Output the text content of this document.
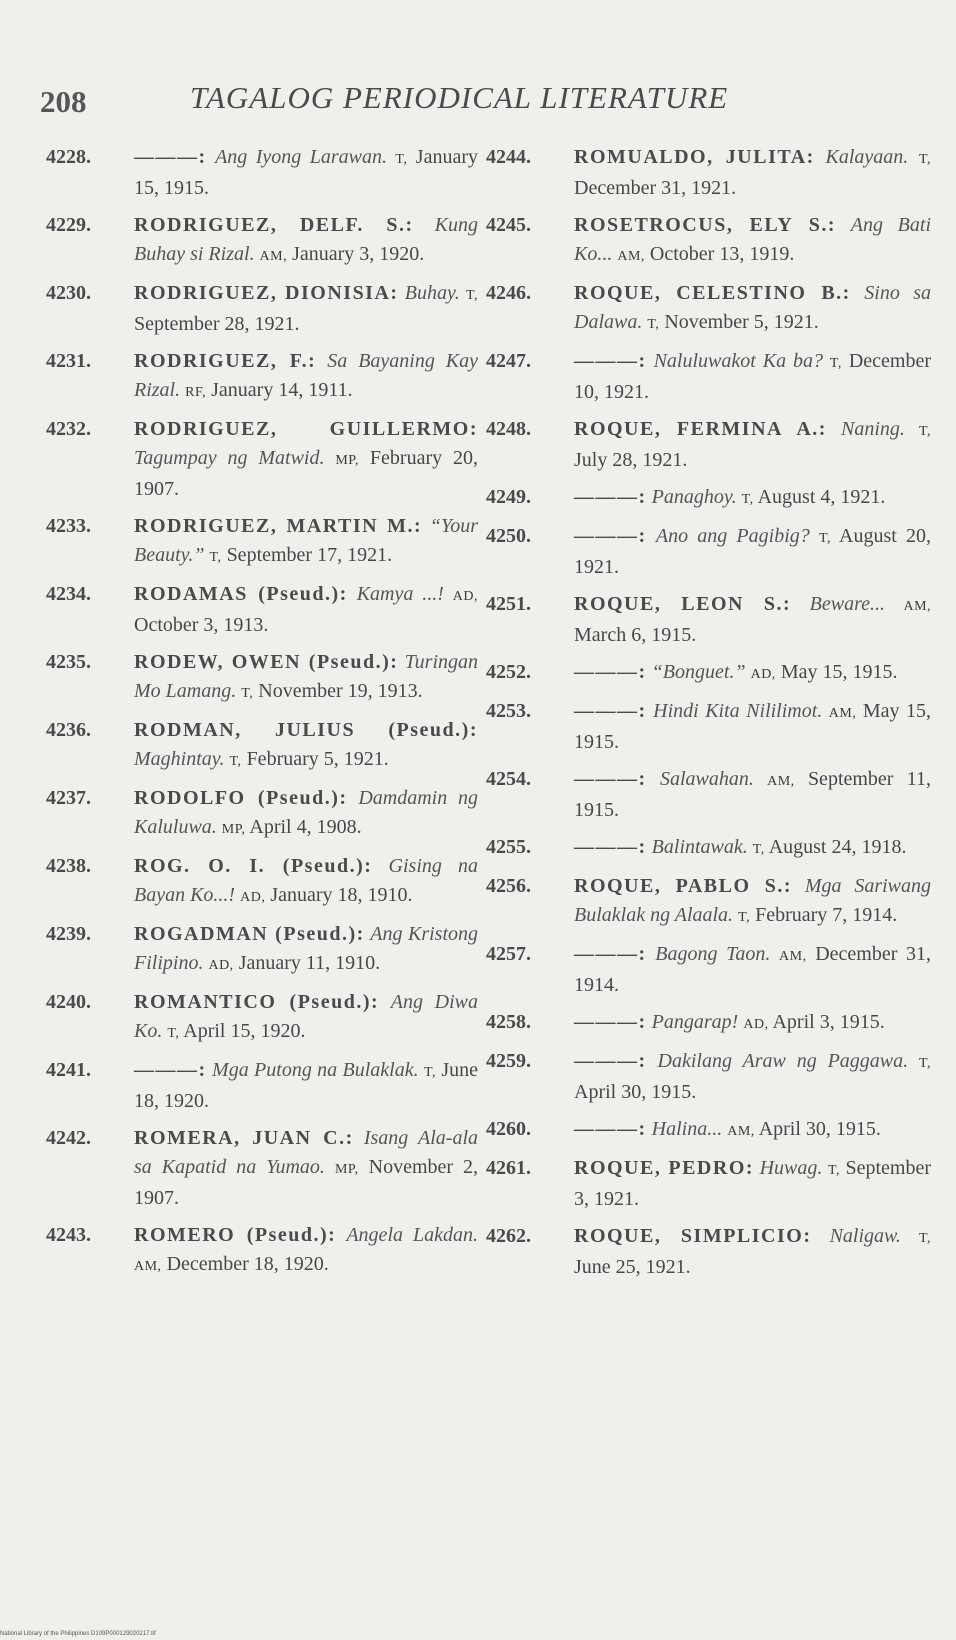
208	TAGALOG PERIODICAL LITERATURE
4228. ———: Ang Iyong Larawan. T, January 15, 1915.
4229. RODRIGUEZ, DELF. S.: Kung Buhay si Rizal. AM, January 3, 1920.
4230. RODRIGUEZ, DIONISIA: Buhay. T, September 28, 1921.
4231. RODRIGUEZ, F.: Sa Bayaning Kay Rizal. RF, January 14, 1911.
4232. RODRIGUEZ, GUILLERMO: Tagumpay ng Matwid. MP, February 20, 1907.
4233. RODRIGUEZ, MARTIN M.: “Your Beauty.” T, September 17, 1921.
4234. RODAMAS (Pseud.): Kamya ...! AD, October 3, 1913.
4235. RODEW, OWEN (Pseud.): Turingan Mo Lamang. T, November 19, 1913.
4236. RODMAN, JULIUS (Pseud.): Maghintay. T, February 5, 1921.
4237. RODOLFO (Pseud.): Damdamin ng Kaluluwa. MP, April 4, 1908.
4238. ROG. O. I. (Pseud.): Gising na Bayan Ko...! AD, January 18, 1910.
4239. ROGADMAN (Pseud.): Ang Kristong Filipino. AD, January 11, 1910.
4240. ROMANTICO (Pseud.): Ang Diwa Ko. T, April 15, 1920.
4241. ———: Mga Putong na Bulaklak. T, June 18, 1920.
4242. ROMERA, JUAN C.: Isang Ala-ala sa Kapatid na Yumao. MP, November 2, 1907.
4243. ROMERO (Pseud.): Angela Lakdan. AM, December 18, 1920.
4244. ROMUALDO, JULITA: Kalayaan. T, December 31, 1921.
4245. ROSETROCUS, ELY S.: Ang Bati Ko... AM, October 13, 1919.
4246. ROQUE, CELESTINO B.: Sino sa Dalawa. T, November 5, 1921.
4247. ———: Naluluwakot Ka ba? T, December 10, 1921.
4248. ROQUE, FERMINA A.: Naning. T, July 28, 1921.
4249. ———: Panaghoy. T, August 4, 1921.
4250. ———: Ano ang Pagibig? T, August 20, 1921.
4251. ROQUE, LEON S.: Beware... AM, March 6, 1915.
4252. ———: “Bonguet.” AD, May 15, 1915.
4253. ———: Hindi Kita Nililimot. AM, May 15, 1915.
4254. ———: Salawahan. AM, September 11, 1915.
4255. ———: Balintawak. T, August 24, 1918.
4256. ROQUE, PABLO S.: Mga Sariwang Bulaklak ng Alaala. T, February 7, 1914.
4257. ———: Bagong Taon. AM, December 31, 1914.
4258. ———: Pangarap! AD, April 3, 1915.
4259. ———: Dakilang Araw ng Paggawa. T, April 30, 1915.
4260. ———: Halina... AM, April 30, 1915.
4261. ROQUE, PEDRO: Huwag. T, September 3, 1921.
4262. ROQUE, SIMPLICIO: Naligaw. T, June 25, 1921.
National Library of the Philippines D109P000129020217.tif
